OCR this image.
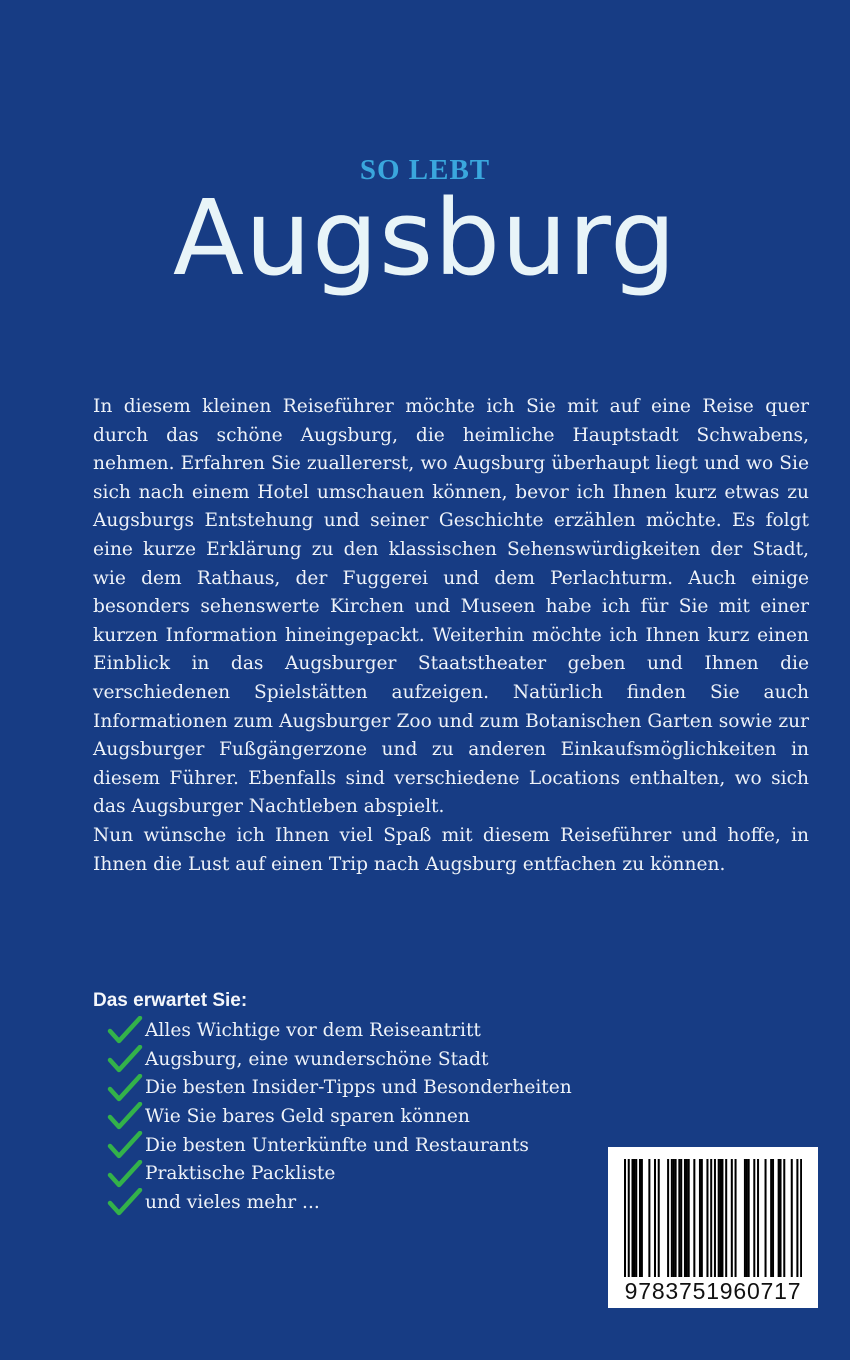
SO LEBT
Augsburg

In diesem kleinen Reiseführer möchte ich Sie mit auf eine Reise quer durch das schöne Augsburg, die heimliche Hauptstadt Schwabens, nehmen. Erfahren Sie zuallererst, wo Augsburg überhaupt liegt und wo Sie sich nach einem Hotel umschauen können, bevor ich Ihnen kurz etwas zu Augsburgs Entstehung und seiner Geschichte erzählen möchte. Es folgt eine kurze Erklärung zu den klassischen Sehenswürdigkeiten der Stadt, wie dem Rathaus, der Fuggerei und dem Perlachturm. Auch einige besonders sehenswerte Kirchen und Museen habe ich für Sie mit einer kurzen Information hineingepackt. Weiterhin möchte ich Ihnen kurz einen Einblick in das Augsburger Staatstheater geben und Ihnen die verschiedenen Spielstätten aufzeigen. Natürlich finden Sie auch Informationen zum Augsburger Zoo und zum Botanischen Garten sowie zur Augsburger Fußgängerzone und zu anderen Einkaufsmöglichkeiten in diesem Führer. Ebenfalls sind verschiedene Locations enthalten, wo sich das Augsburger Nachtleben abspielt.

Nun wünsche ich Ihnen viel Spaß mit diesem Reiseführer und hoffe, in Ihnen die Lust auf einen Trip nach Augsburg entfachen zu können.

Das erwartet Sie:
Alles Wichtige vor dem Reiseantritt
Augsburg, eine wunderschöne Stadt
Die besten Insider-Tipps und Besonderheiten
Wie Sie bares Geld sparen können
Die besten Unterkünfte und Restaurants
Praktische Packliste
und vieles mehr ...
9783751960717
